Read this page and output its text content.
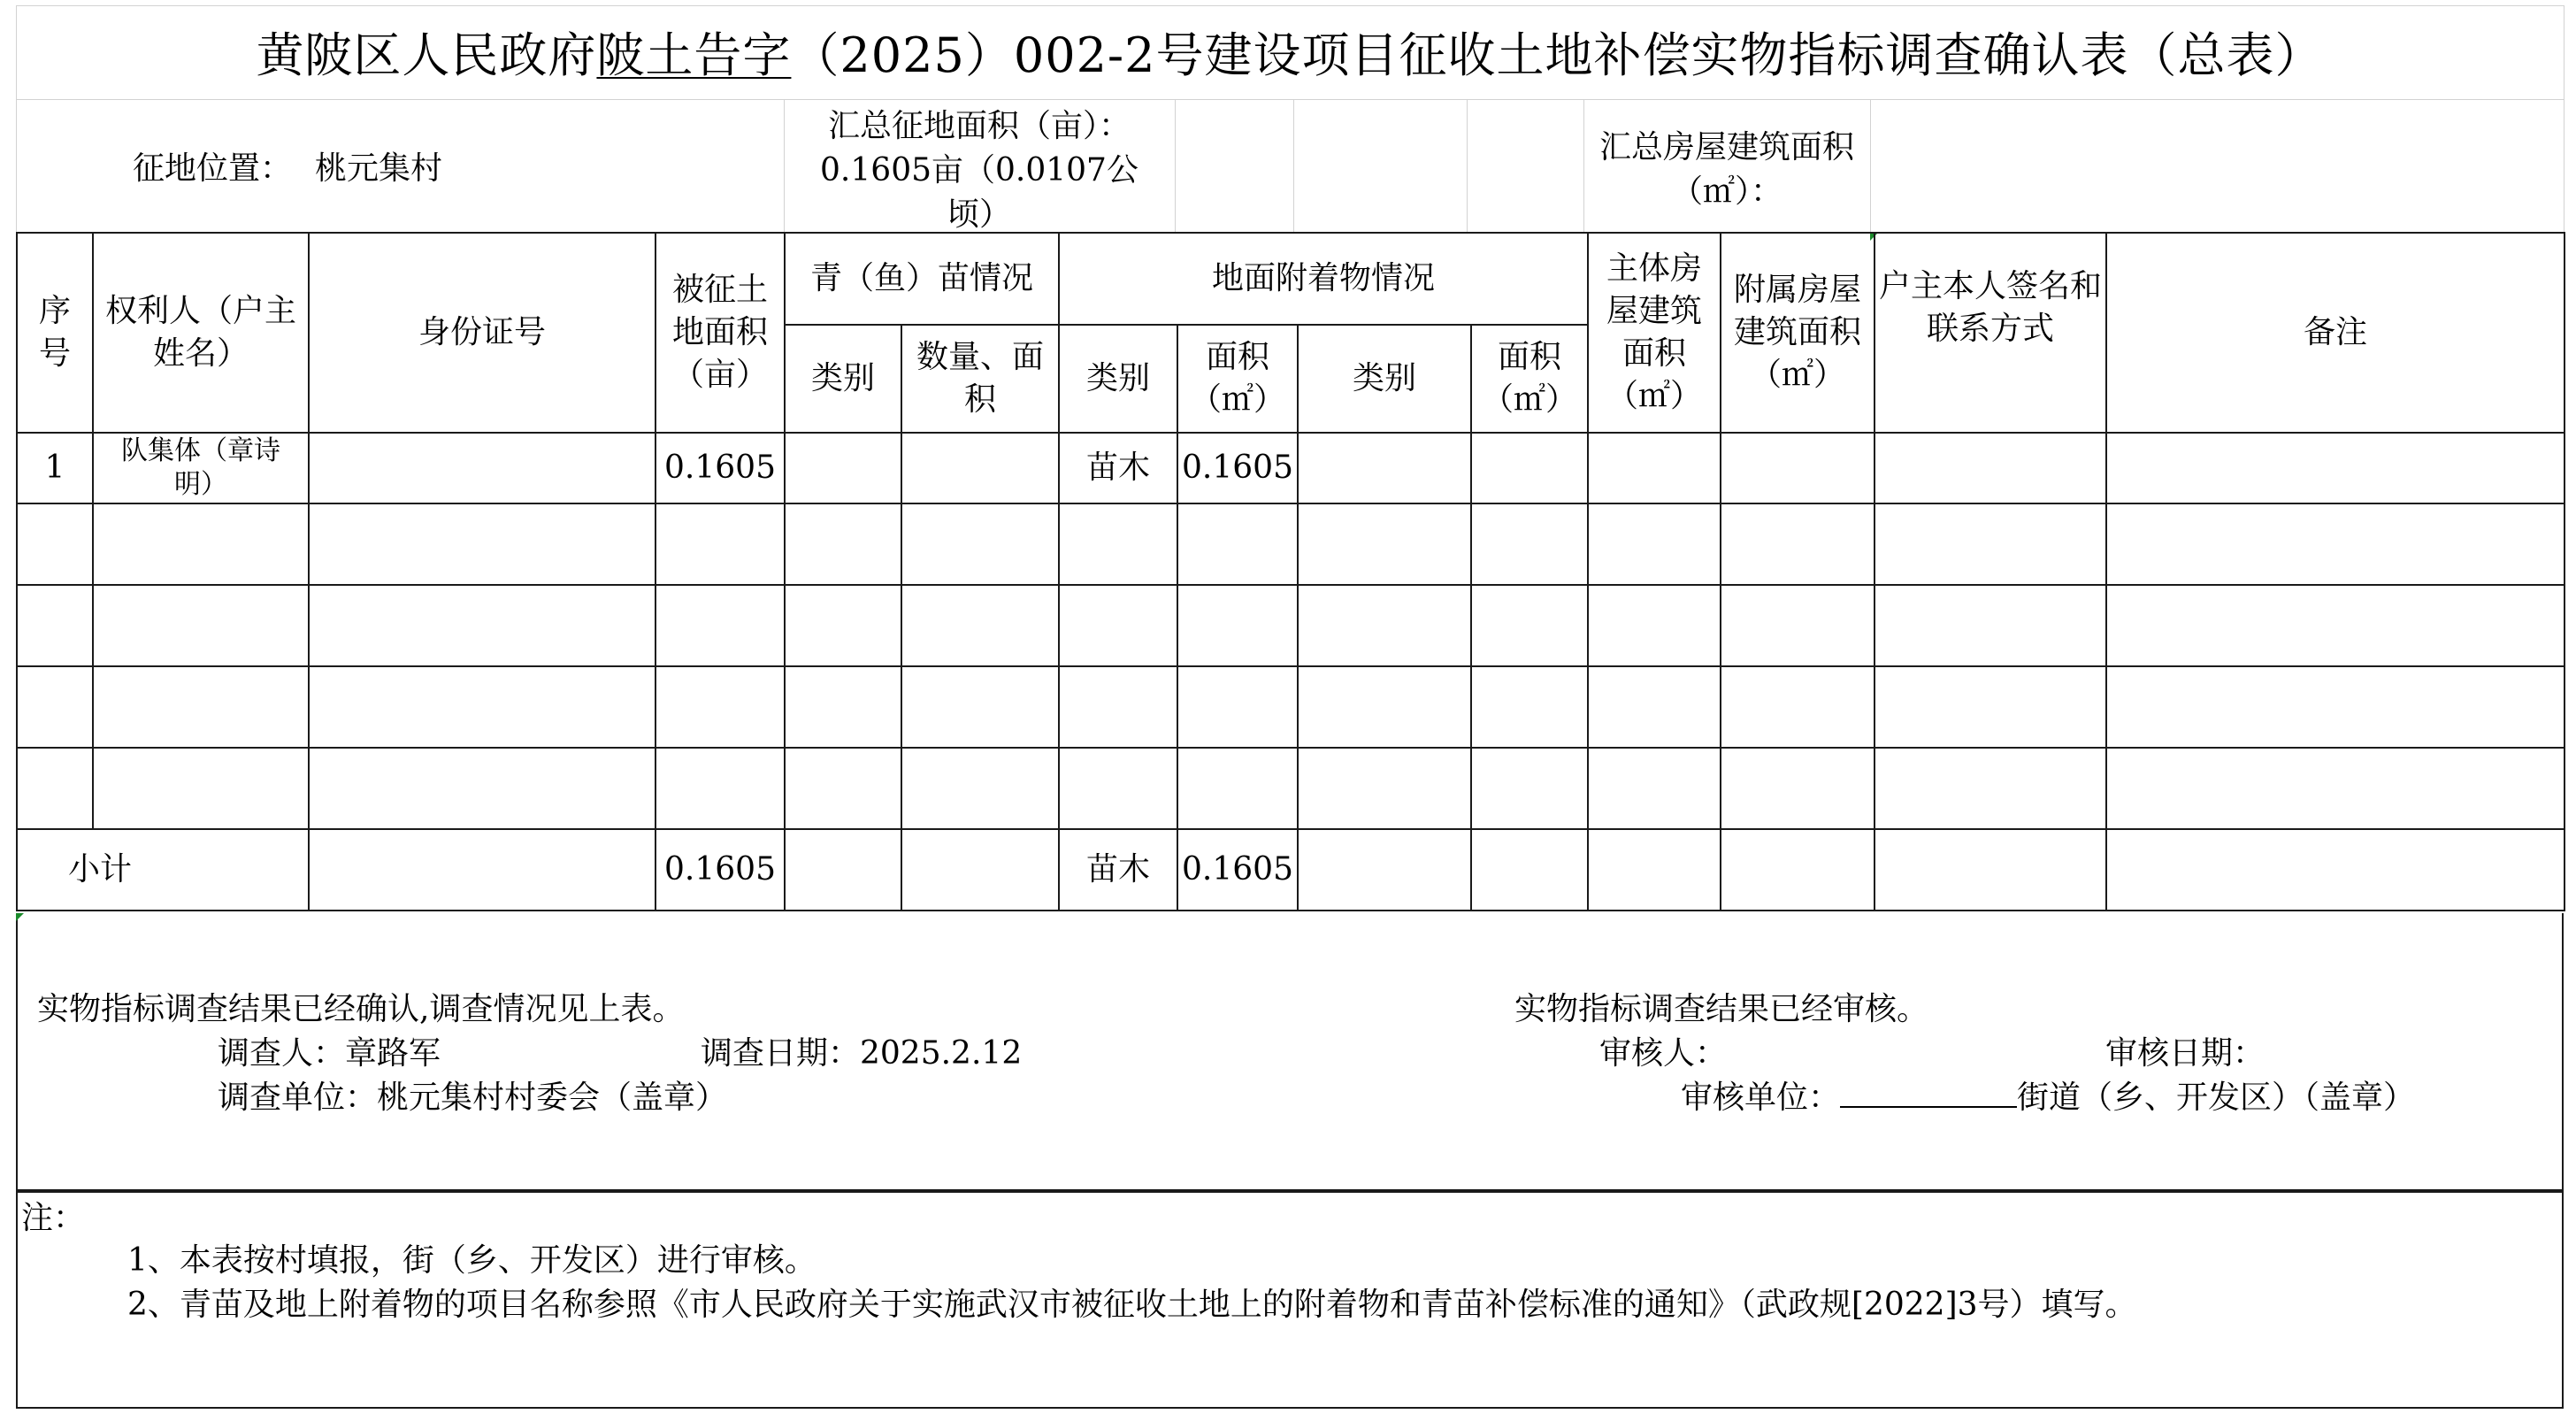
黄陂区人民政府 陂土告字 （2025）002-2号建设项目征收土地补偿实物指标调查确认表（总表）
征地位置： 桃元集村
汇总征地面积（亩）：
0.1605亩（0.0107公
顷）
汇总房屋建筑面积
（㎡）：
序号	权利人（户主姓名）	身份证号	被征土地面积（亩）	青（鱼）苗情况		地面附着物情况				主体房屋建筑面积（㎡）	附属房屋建筑面积（㎡）	户主本人签名和联系方式	备注
				类别	数量、面积	类别	面积（㎡）	类别	面积（㎡）				
1	队集体（章诗明）		0.1605			苗木	0.1605						

小计			0.1605			苗木	0.1605						
实物指标调查结果已经确认,调查情况见上表。
调查人：章路军	调查日期：2025.2.12
调查单位：桃元集村村委会（盖章）
实物指标调查结果已经审核。
审核人：	审核日期：
审核单位：	街道（乡、开发区）（盖章）
注：
1、本表按村填报，街（乡、开发区）进行审核。
2、青苗及地上附着物的项目名称参照《市人民政府关于实施武汉市被征收土地上的附着物和青苗补偿标准的通知》（武政规[2022]3号）填写。
